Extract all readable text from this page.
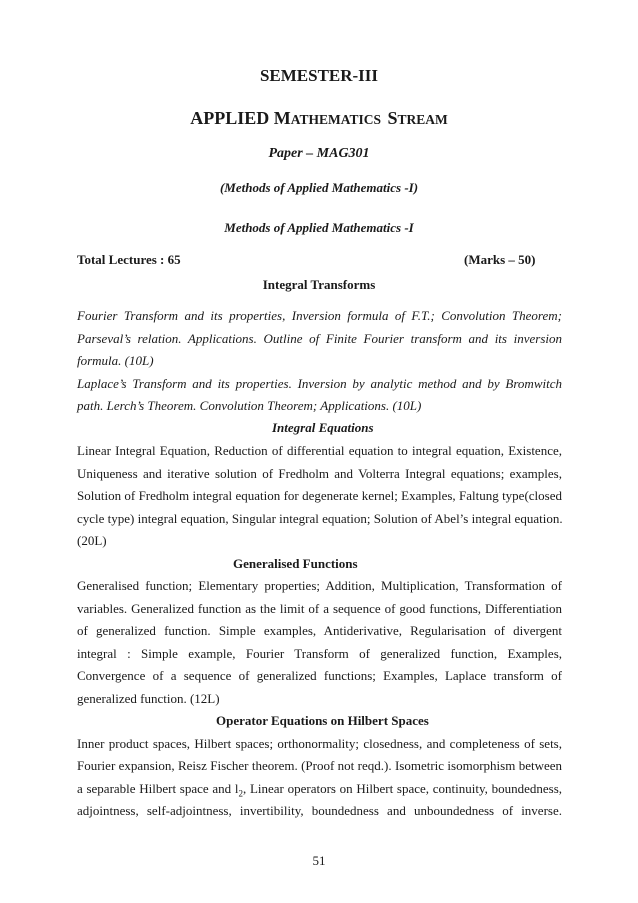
SEMESTER-III
APPLIED MATHEMATICS STREAM
Paper – MAG301
(Methods of Applied Mathematics -I)
Methods of Applied Mathematics -I
Total Lectures : 65	(Marks – 50)
Integral Transforms
Fourier Transform and its properties, Inversion formula of F.T.; Convolution Theorem;
Parseval’s relation. Applications. Outline of Finite Fourier transform and its inversion
formula. (10L)
Laplace’s Transform and its properties. Inversion by analytic method and by Bromwitch
path. Lerch’s Theorem. Convolution Theorem; Applications. (10L)
Integral Equations
Linear Integral Equation, Reduction of differential equation to integral equation, Existence,
Uniqueness and iterative solution of Fredholm and Volterra Integral equations; examples,
Solution of Fredholm integral equation for degenerate kernel; Examples, Faltung type(closed
cycle type) integral equation, Singular integral equation; Solution of Abel’s integral equation.
(20L)
Generalised Functions
Generalised function; Elementary properties; Addition, Multiplication, Transformation of
variables. Generalized function as the limit of a sequence of good functions, Differentiation
of generalized function. Simple examples, Antiderivative, Regularisation of divergent
integral : Simple example, Fourier Transform of generalized function, Examples,
Convergence of a sequence of generalized functions; Examples, Laplace transform of
generalized function. (12L)
Operator Equations on Hilbert Spaces
Inner product spaces, Hilbert spaces; orthonormality; closedness, and completeness of sets,
Fourier expansion, Reisz Fischer theorem. (Proof not reqd.). Isometric isomorphism between
a separable Hilbert space and $l_2$, Linear operators on Hilbert space, continuity, boundedness,
adjointness, self-adjointness, invertibility, boundedness and unboundedness of inverse.
51
